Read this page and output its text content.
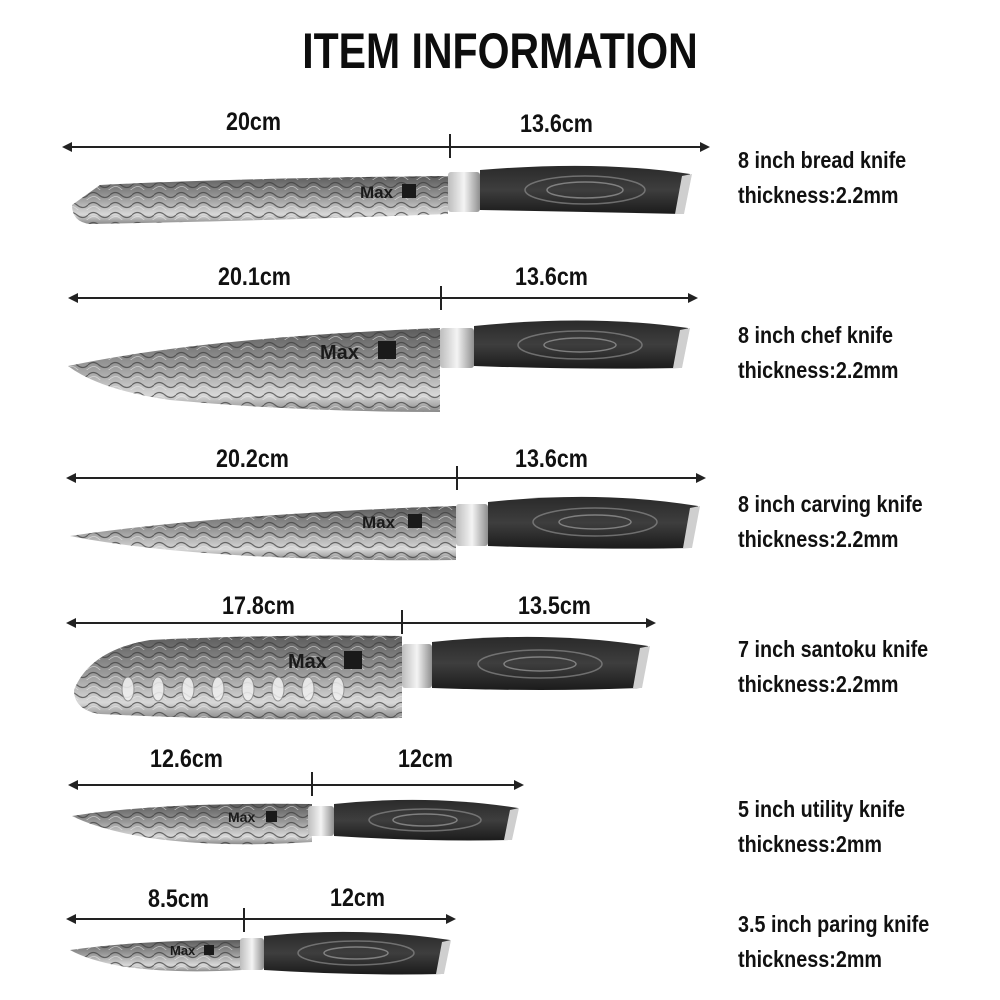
ITEM INFORMATION
20cm	13.6cm
Max
8 inch bread knife
thickness:2.2mm
20.1cm	13.6cm
Max
8 inch chef knife
thickness:2.2mm
20.2cm	13.6cm
Max
8 inch carving knife
thickness:2.2mm
17.8cm	13.5cm
Max	7 inch santoku knife
thickness:2.2mm
12.6cm	12cm
Max	5 inch utility knife
thickness:2mm
8.5cm	12cm
Max
3.5 inch paring knife
thickness:2mm
